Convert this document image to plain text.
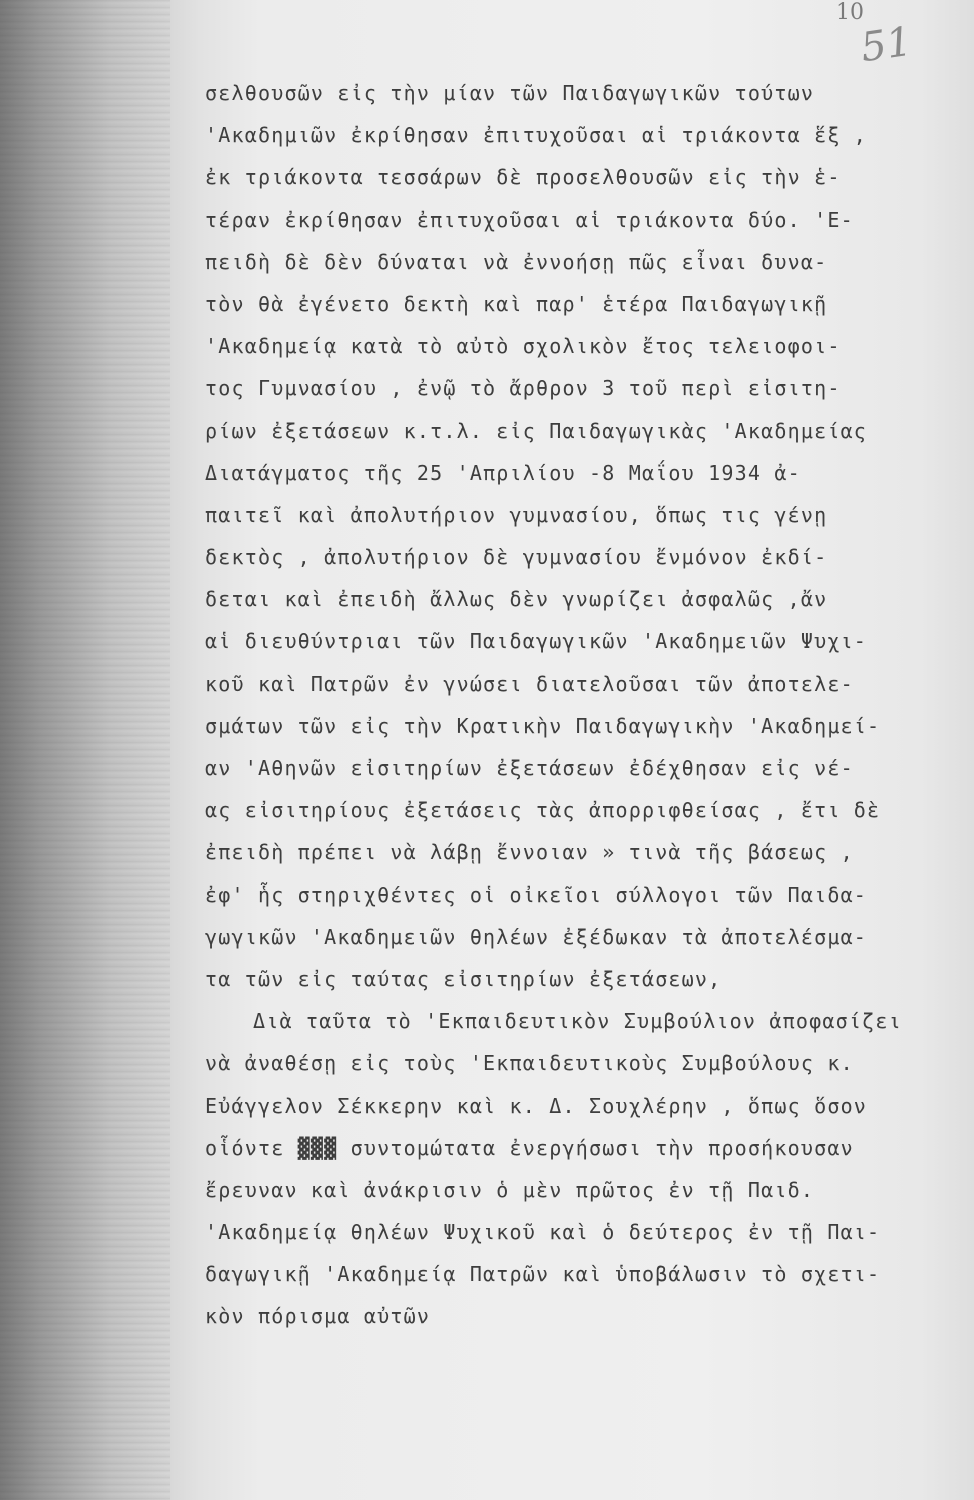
10
51
σελθουσῶν εἰς τὴν μίαν τῶν Παιδαγωγικῶν τούτων
'Ακαδημιῶν ἐκρίθησαν ἐπιτυχοῦσαι αἱ τριάκοντα ἕξ ,
ἐκ τριάκοντα τεσσάρων δὲ προσελθουσῶν εἰς τὴν ἑ-
τέραν ἐκρίθησαν ἐπιτυχοῦσαι αἱ τριάκοντα δύο. 'Ε-
πειδὴ δὲ δὲν δύναται νὰ ἐννοήσῃ πῶς εἶναι δυνα-
τὸν θὰ ἐγένετο δεκτὴ καὶ παρ' ἑτέρα Παιδαγωγικῇ
'Ακαδημείᾳ κατὰ τὸ αὐτὸ σχολικὸν ἔτος τελειοφοι-
τος Γυμνασίου , ἐνῷ τὸ ἄρθρον 3 τοῦ περὶ εἰσιτη-
ρίων ἐξετάσεων κ.τ.λ. εἰς Παιδαγωγικὰς 'Ακαδημείας
Διατάγματος τῆς 25 'Απριλίου -8 Μαΐου 1934 ἀ-
παιτεῖ καὶ ἀπολυτήριον γυμνασίου, ὅπως τις γένῃ
δεκτὸς , ἀπολυτήριον δὲ γυμνασίου ἔνμόνον ἐκδί-
δεται καὶ ἐπειδὴ ἄλλως δὲν γνωρίζει ἀσφαλῶς ,ἄν
αἱ διευθύντριαι τῶν Παιδαγωγικῶν 'Ακαδημειῶν Ψυχι-
κοῦ καὶ Πατρῶν ἐν γνώσει διατελοῦσαι τῶν ἀποτελε-
σμάτων τῶν εἰς τὴν Κρατικὴν Παιδαγωγικὴν 'Ακαδημεί-
αν 'Αθηνῶν εἰσιτηρίων ἐξετάσεων ἐδέχθησαν εἰς νέ-
ας εἰσιτηρίους ἐξετάσεις τὰς ἀπορριφθείσας , ἔτι δὲ
ἐπειδὴ πρέπει νὰ λάβῃ ἔννοιαν » τινὰ τῆς βάσεως ,
ἐφ' ἧς στηριχθέντες οἱ οἰκεῖοι σύλλογοι τῶν Παιδα-
γωγικῶν 'Ακαδημειῶν θηλέων ἐξέδωκαν τὰ ἀποτελέσμα-
τα τῶν εἰς ταύτας εἰσιτηρίων ἐξετάσεων,
Διὰ ταῦτα τὸ 'Εκπαιδευτικὸν Συμβούλιον ἀποφασίζει
νὰ ἀναθέσῃ εἰς τοὺς 'Εκπαιδευτικοὺς Συμβούλους κ.
Εὐάγγελον Σέκκερην καὶ κ. Δ. Σουχλέρην , ὅπως ὅσον
οἷόντε ▓▓▓ συντομώτατα ἐνεργήσωσι τὴν προσήκουσαν
ἔρευναν καὶ ἀνάκρισιν ὁ μὲν πρῶτος ἐν τῇ Παιδ.
'Ακαδημείᾳ θηλέων Ψυχικοῦ καὶ ὁ δεύτερος ἐν τῇ Παι-
δαγωγικῇ 'Ακαδημείᾳ Πατρῶν καὶ ὑποβάλωσιν τὸ σχετι-
κὸν πόρισμα αὐτῶν
